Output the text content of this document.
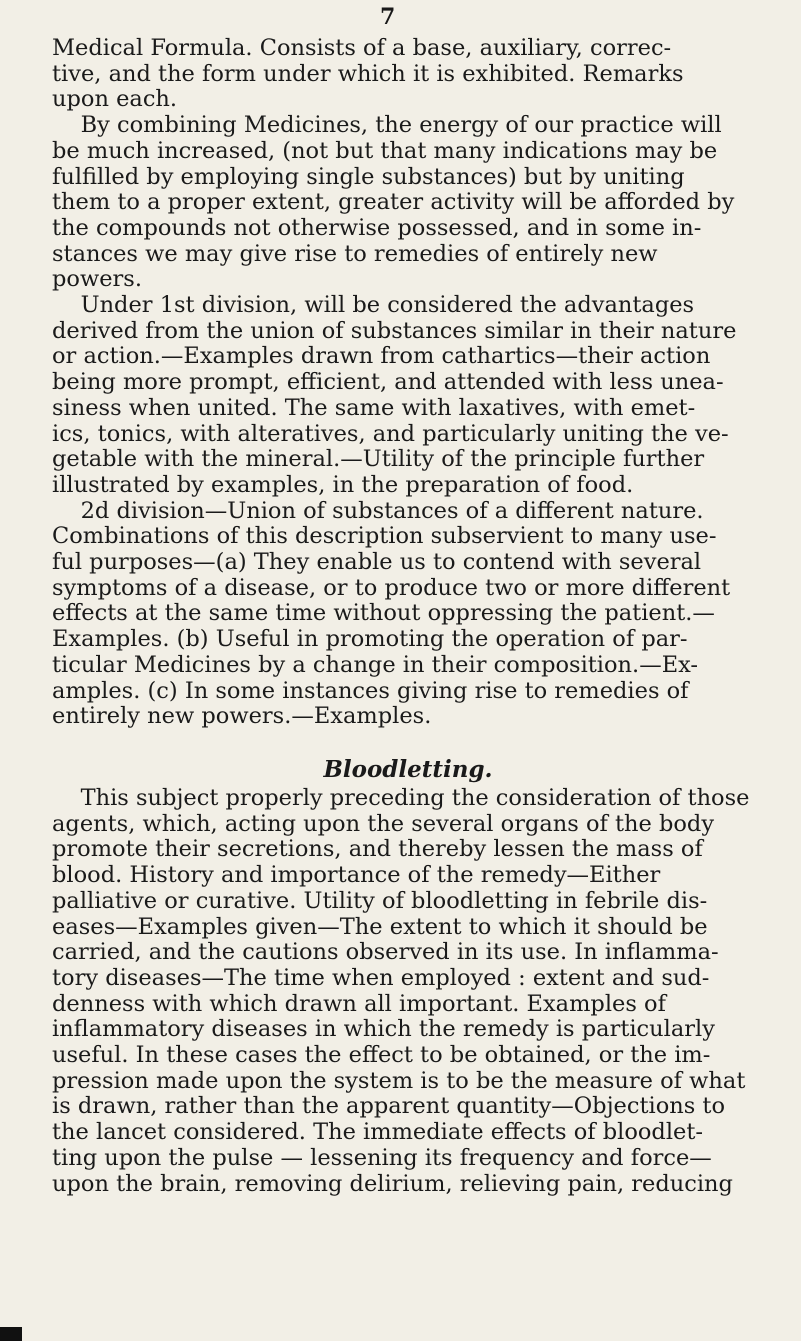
7
Medical Formula. Consists of a base, auxiliary, correc-
tive, and the form under which it is exhibited. Remarks
upon each.
By combining Medicines, the energy of our practice will
be much increased, (not but that many indications may be
fulfilled by employing single substances) but by uniting
them to a proper extent, greater activity will be afforded by
the compounds not otherwise possessed, and in some in-
stances we may give rise to remedies of entirely new
powers.
Under 1st division, will be considered the advantages
derived from the union of substances similar in their nature
or action.—Examples drawn from cathartics—their action
being more prompt, efficient, and attended with less unea-
siness when united. The same with laxatives, with emet-
ics, tonics, with alteratives, and particularly uniting the ve-
getable with the mineral.—Utility of the principle further
illustrated by examples, in the preparation of food.
2d division—Union of substances of a different nature.
Combinations of this description subservient to many use-
ful purposes—(a) They enable us to contend with several
symptoms of a disease, or to produce two or more different
effects at the same time without oppressing the patient.—
Examples. (b) Useful in promoting the operation of par-
ticular Medicines by a change in their composition.—Ex-
amples. (c) In some instances giving rise to remedies of
entirely new powers.—Examples.
Bloodletting.
This subject properly preceding the consideration of those
agents, which, acting upon the several organs of the body
promote their secretions, and thereby lessen the mass of
blood. History and importance of the remedy—Either
palliative or curative. Utility of bloodletting in febrile dis-
eases—Examples given—The extent to which it should be
carried, and the cautions observed in its use. In inflamma-
tory diseases—The time when employed : extent and sud-
denness with which drawn all important. Examples of
inflammatory diseases in which the remedy is particularly
useful. In these cases the effect to be obtained, or the im-
pression made upon the system is to be the measure of what
is drawn, rather than the apparent quantity—Objections to
the lancet considered. The immediate effects of bloodlet-
ting upon the pulse — lessening its frequency and force—
upon the brain, removing delirium, relieving pain, reducing
